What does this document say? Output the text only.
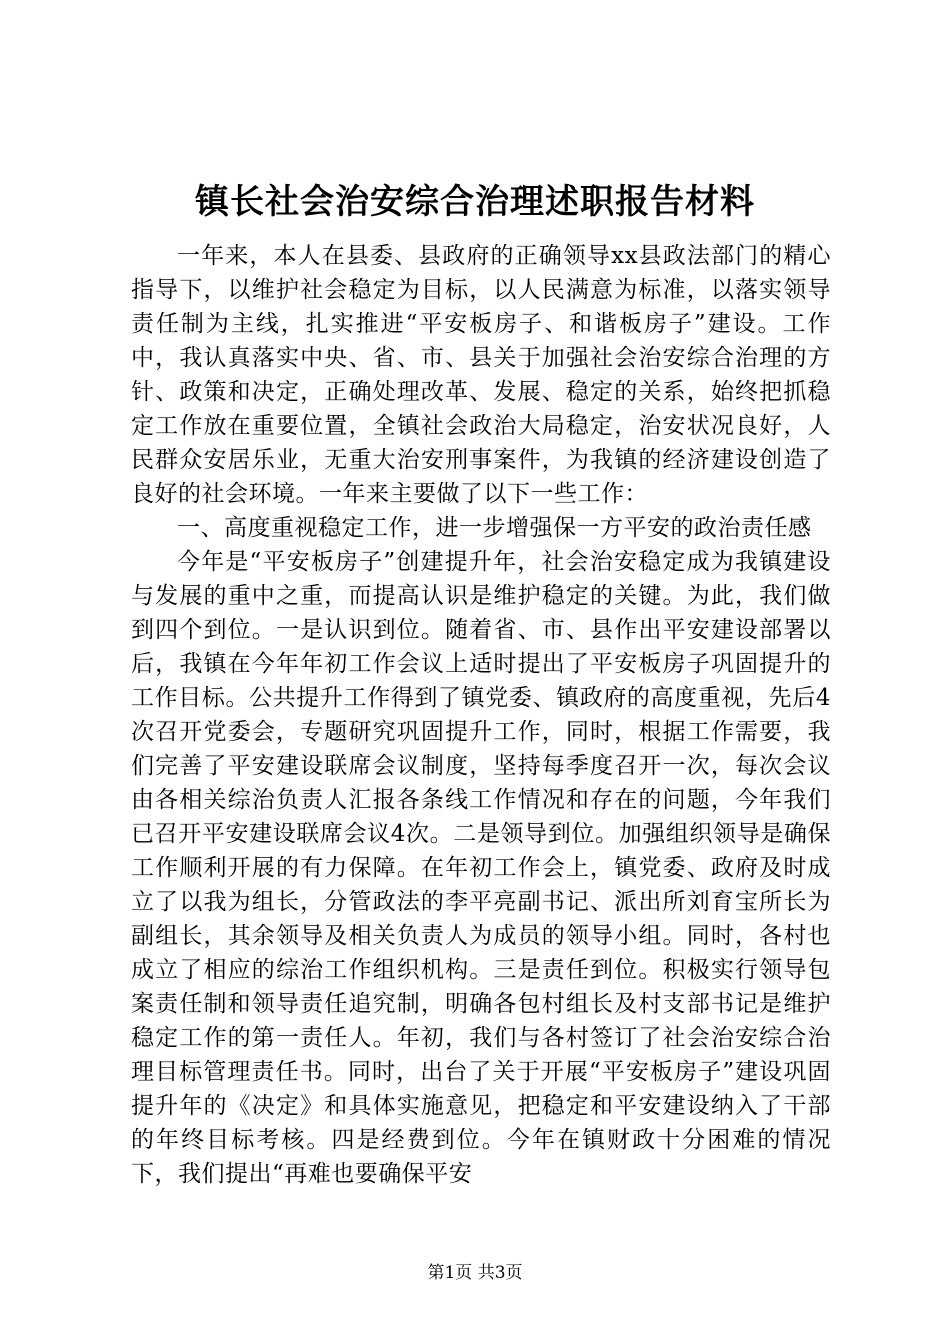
镇长社会治安综合治理述职报告材料

一年来，本人在县委、县政府的正确领导xx县政法部门的精心指导下，以维护社会稳定为目标，以人民满意为标准，以落实领导责任制为主线，扎实推进“平安板房子、和谐板房子”建设。工作中，我认真落实中央、省、市、县关于加强社会治安综合治理的方针、政策和决定，正确处理改革、发展、稳定的关系，始终把抓稳定工作放在重要位置，全镇社会政治大局稳定，治安状况良好，人民群众安居乐业，无重大治安刑事案件，为我镇的经济建设创造了良好的社会环境。一年来主要做了以下一些工作：

一、高度重视稳定工作，进一步增强保一方平安的政治责任感

今年是“平安板房子”创建提升年，社会治安稳定成为我镇建设与发展的重中之重，而提高认识是维护稳定的关键。为此，我们做到四个到位。一是认识到位。随着省、市、县作出平安建设部署以后，我镇在今年年初工作会议上适时提出了平安板房子巩固提升的工作目标。公共提升工作得到了镇党委、镇政府的高度重视，先后4次召开党委会，专题研究巩固提升工作，同时，根据工作需要，我们完善了平安建设联席会议制度，坚持每季度召开一次，每次会议由各相关综治负责人汇报各条线工作情况和存在的问题，今年我们已召开平安建设联席会议4次。二是领导到位。加强组织领导是确保工作顺利开展的有力保障。在年初工作会上，镇党委、政府及时成立了以我为组长，分管政法的李平亮副书记、派出所刘育宝所长为副组长，其余领导及相关负责人为成员的领导小组。同时，各村也成立了相应的综治工作组织机构。三是责任到位。积极实行领导包案责任制和领导责任追究制，明确各包村组长及村支部书记是维护稳定工作的第一责任人。年初，我们与各村签订了社会治安综合治理目标管理责任书。同时，出台了关于开展“平安板房子”建设巩固提升年的《决定》和具体实施意见，把稳定和平安建设纳入了干部的年终目标考核。四是经费到位。今年在镇财政十分困难的情况下，我们提出“再难也要确保平安

第1页 共3页
